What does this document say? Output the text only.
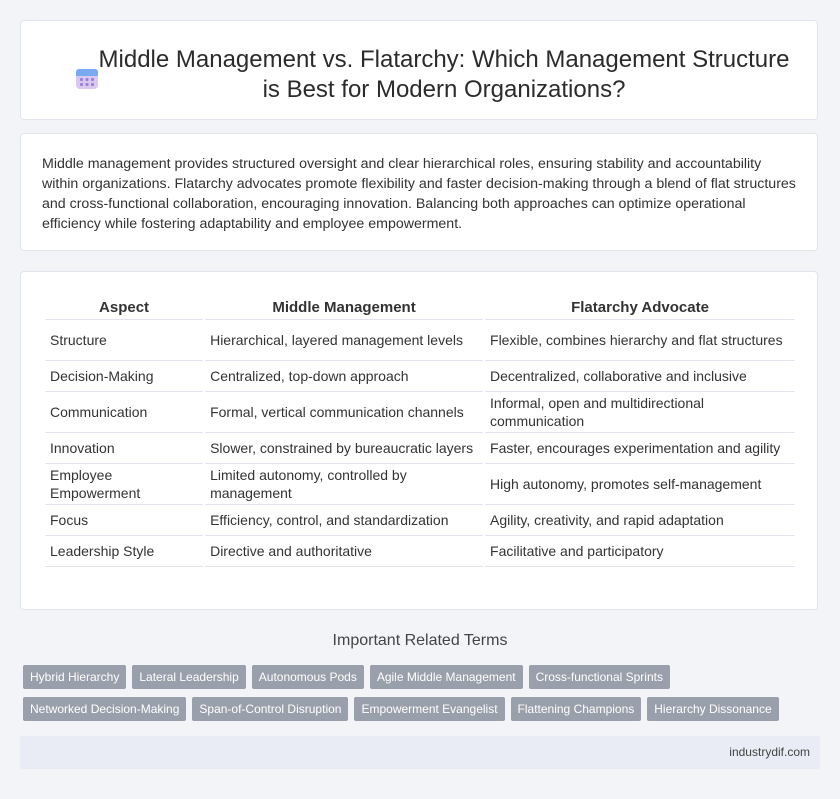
Middle Management vs. Flatarchy: Which Management Structure
is Best for Modern Organizations?

Middle management provides structured oversight and clear hierarchical roles, ensuring stability and accountability within organizations. Flatarchy advocates promote flexibility and faster decision-making through a blend of flat structures and cross-functional collaboration, encouraging innovation. Balancing both approaches can optimize operational efficiency while fostering adaptability and employee empowerment.

Aspect	Middle Management	Flatarchy Advocate
Structure	Hierarchical, layered management levels	Flexible, combines hierarchy and flat structures
Decision-Making	Centralized, top-down approach	Decentralized, collaborative and inclusive
Communication	Formal, vertical communication channels	Informal, open and multidirectional communication
Innovation	Slower, constrained by bureaucratic layers	Faster, encourages experimentation and agility
Employee Empowerment	Limited autonomy, controlled by management	High autonomy, promotes self-management
Focus	Efficiency, control, and standardization	Agility, creativity, and rapid adaptation
Leadership Style	Directive and authoritative	Facilitative and participatory
Important Related Terms
Hybrid Hierarchy Lateral Leadership Autonomous Pods Agile Middle Management Cross-functional Sprints
Networked Decision-Making Span-of-Control Disruption Empowerment Evangelist Flattening Champions Hierarchy Dissonance
industrydif.com
